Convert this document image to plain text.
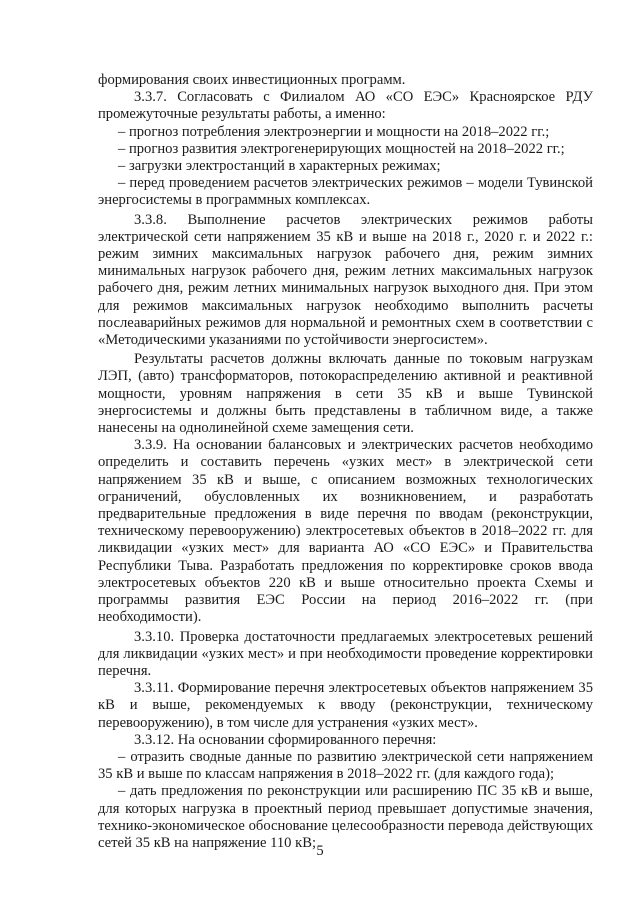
формирования своих инвестиционных программ.

3.3.7. Согласовать с Филиалом АО «СО ЕЭС» Красноярское РДУ промежуточные результаты работы, а именно:

– прогноз потребления электроэнергии и мощности на 2018–2022 гг.;

– прогноз развития электрогенерирующих мощностей на 2018–2022 гг.;

– загрузки электростанций в характерных режимах;

– перед проведением расчетов электрических режимов – модели Тувинской энергосистемы в программных комплексах.

3.3.8. Выполнение расчетов электрических режимов работы электрической сети напряжением 35 кВ и выше на 2018 г., 2020 г. и 2022 г.: режим зимних максимальных нагрузок рабочего дня, режим зимних минимальных нагрузок рабочего дня, режим летних максимальных нагрузок рабочего дня, режим летних минимальных нагрузок выходного дня. При этом для режимов максимальных нагрузок необходимо выполнить расчеты послеаварийных режимов для нормальной и ремонтных схем в соответствии с «Методическими указаниями по устойчивости энергосистем».

Результаты расчетов должны включать данные по токовым нагрузкам ЛЭП, (авто) трансформаторов, потокораспределению активной и реактивной мощности, уровням напряжения в сети 35 кВ и выше Тувинской энергосистемы и должны быть представлены в табличном виде, а также нанесены на однолинейной схеме замещения сети.

3.3.9. На основании балансовых и электрических расчетов необходимо определить и составить перечень «узких мест» в электрической сети напряжением 35 кВ и выше, с описанием возможных технологических ограничений, обусловленных их возникновением, и разработать предварительные предложения в виде перечня по вводам (реконструкции, техническому перевооружению) электросетевых объектов в 2018–2022 гг. для ликвидации «узких мест» для варианта АО «СО ЕЭС» и Правительства Республики Тыва. Разработать предложения по корректировке сроков ввода электросетевых объектов 220 кВ и выше относительно проекта Схемы и программы развития ЕЭС России на период 2016–2022 гг. (при необходимости).

3.3.10. Проверка достаточности предлагаемых электросетевых решений для ликвидации «узких мест» и при необходимости проведение корректировки перечня.

3.3.11. Формирование перечня электросетевых объектов напряжением 35 кВ и выше, рекомендуемых к вводу (реконструкции, техническому перевооружению), в том числе для устранения «узких мест».

3.3.12. На основании сформированного перечня:

– отразить сводные данные по развитию электрической сети напряжением 35 кВ и выше по классам напряжения в 2018–2022 гг. (для каждого года);

– дать предложения по реконструкции или расширению ПС 35 кВ и выше, для которых нагрузка в проектный период превышает допустимые значения, технико-экономическое обоснование целесообразности перевода действующих сетей 35 кВ на напряжение 110 кВ;

5
